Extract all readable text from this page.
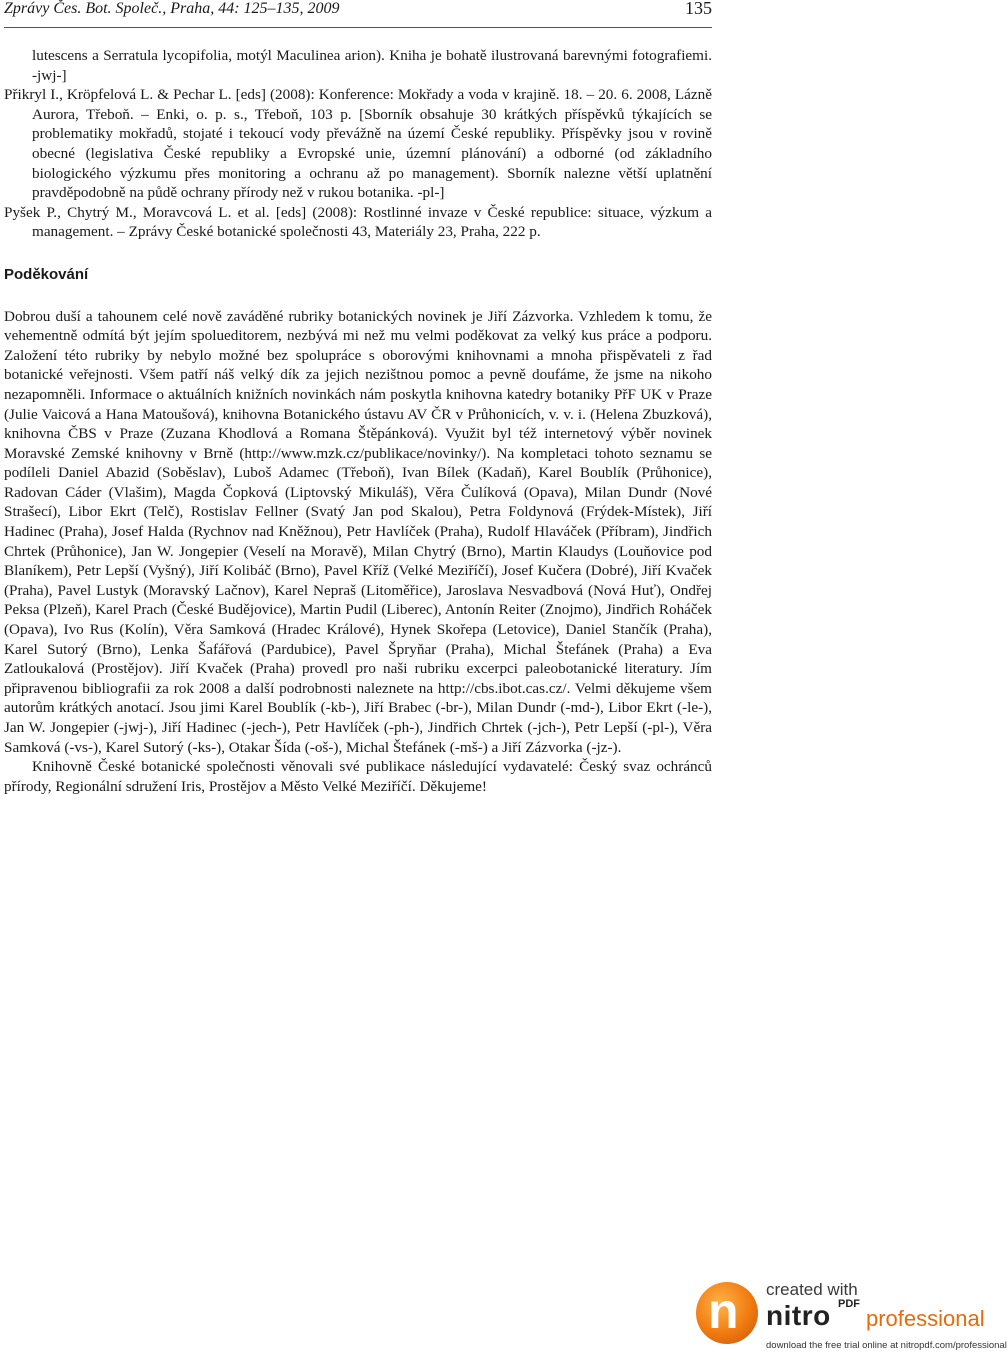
Zprávy Čes. Bot. Společ., Praha, 44: 125–135, 2009	135

lutescens a Serratula lycopifolia, motýl Maculinea arion). Kniha je bohatě ilustrovaná barevnými fotografiemi. -jwj-]

Přikryl I., Kröpfelová L. & Pechar L. [eds] (2008): Konference: Mokřady a voda v krajině. 18. – 20. 6. 2008, Lázně Aurora, Třeboň. – Enki, o. p. s., Třeboň, 103 p. [Sborník obsahuje 30 krátkých příspěvků týkajících se problematiky mokřadů, stojaté i tekoucí vody převážně na území České republiky. Příspěvky jsou v rovině obecné (legislativa České republiky a Evropské unie, územní plánování) a odborné (od základního biologického výzkumu přes monitoring a ochranu až po management). Sborník nalezne větší uplatnění pravděpodobně na půdě ochrany přírody než v rukou botanika. -pl-]

Pyšek P., Chytrý M., Moravcová L. et al. [eds] (2008): Rostlinné invaze v České republice: situace, výzkum a management. – Zprávy České botanické společnosti 43, Materiály 23, Praha, 222 p.

Poděkování

Dobrou duší a tahounem celé nově zaváděné rubriky botanických novinek je Jiří Zázvorka. Vzhledem k tomu, že vehementně odmítá být jejím spolueditorem, nezbývá mi než mu velmi poděkovat za velký kus práce a podporu. Založení této rubriky by nebylo možné bez spolupráce s oborovými knihovnami a mnoha přispěvateli z řad botanické veřejnosti. Všem patří náš velký dík za jejich nezištnou pomoc a pevně doufáme, že jsme na nikoho nezapomněli. Informace o aktuálních knižních novinkách nám poskytla knihovna katedry botaniky PřF UK v Praze (Julie Vaicová a Hana Matoušová), knihovna Botanického ústavu AV ČR v Průhonicích, v. v. i. (Helena Zbuzková), knihovna ČBS v Praze (Zuzana Khodlová a Romana Štěpánková). Využit byl též internetový výběr novinek Moravské Zemské knihovny v Brně (http://www.mzk.cz/publikace/novinky/). Na kompletaci tohoto seznamu se podíleli Daniel Abazid (Soběslav), Luboš Adamec (Třeboň), Ivan Bílek (Kadaň), Karel Boublík (Průhonice), Radovan Cáder (Vlašim), Magda Čopková (Liptovský Mikuláš), Věra Čulíková (Opava), Milan Dundr (Nové Strašecí), Libor Ekrt (Telč), Rostislav Fellner (Svatý Jan pod Skalou), Petra Foldynová (Frýdek-Místek), Jiří Hadinec (Praha), Josef Halda (Rychnov nad Kněžnou), Petr Havlíček (Praha), Rudolf Hlaváček (Příbram), Jindřich Chrtek (Průhonice), Jan W. Jongepier (Veselí na Moravě), Milan Chytrý (Brno), Martin Klaudys (Louňovice pod Blaníkem), Petr Lepší (Vyšný), Jiří Kolibáč (Brno), Pavel Kříž (Velké Meziříčí), Josef Kučera (Dobré), Jiří Kvaček (Praha), Pavel Lustyk (Moravský Lačnov), Karel Nepraš (Litoměřice), Jaroslava Nesvadbová (Nová Huť), Ondřej Peksa (Plzeň), Karel Prach (České Budějovice), Martin Pudil (Liberec), Antonín Reiter (Znojmo), Jindřich Roháček (Opava), Ivo Rus (Kolín), Věra Samková (Hradec Králové), Hynek Skořepa (Letovice), Daniel Stančík (Praha), Karel Sutorý (Brno), Lenka Šafářová (Pardubice), Pavel Špryňar (Praha), Michal Štefánek (Praha) a Eva Zatloukalová (Prostějov). Jiří Kvaček (Praha) provedl pro naši rubriku excerpci paleobotanické literatury. Jím připravenou bibliografii za rok 2008 a další podrobnosti naleznete na http://cbs.ibot.cas.cz/. Velmi děkujeme všem autorům krátkých anotací. Jsou jimi Karel Boublík (-kb-), Jiří Brabec (-br-), Milan Dundr (-md-), Libor Ekrt (-le-), Jan W. Jongepier (-jwj-), Jiří Hadinec (-jech-), Petr Havlíček (-ph-), Jindřich Chrtek (-jch-), Petr Lepší (-pl-), Věra Samková (-vs-), Karel Sutorý (-ks-), Otakar Šída (-oš-), Michal Štefánek (-mš-) a Jiří Zázvorka (-jz-).

Knihovně České botanické společnosti věnovali své publikace následující vydavatelé: Český svaz ochránců přírody, Regionální sdružení Iris, Prostějov a Město Velké Meziříčí. Děkujeme!

n created with
nitro PDF
professional
download the free trial online at nitropdf.com/professional
